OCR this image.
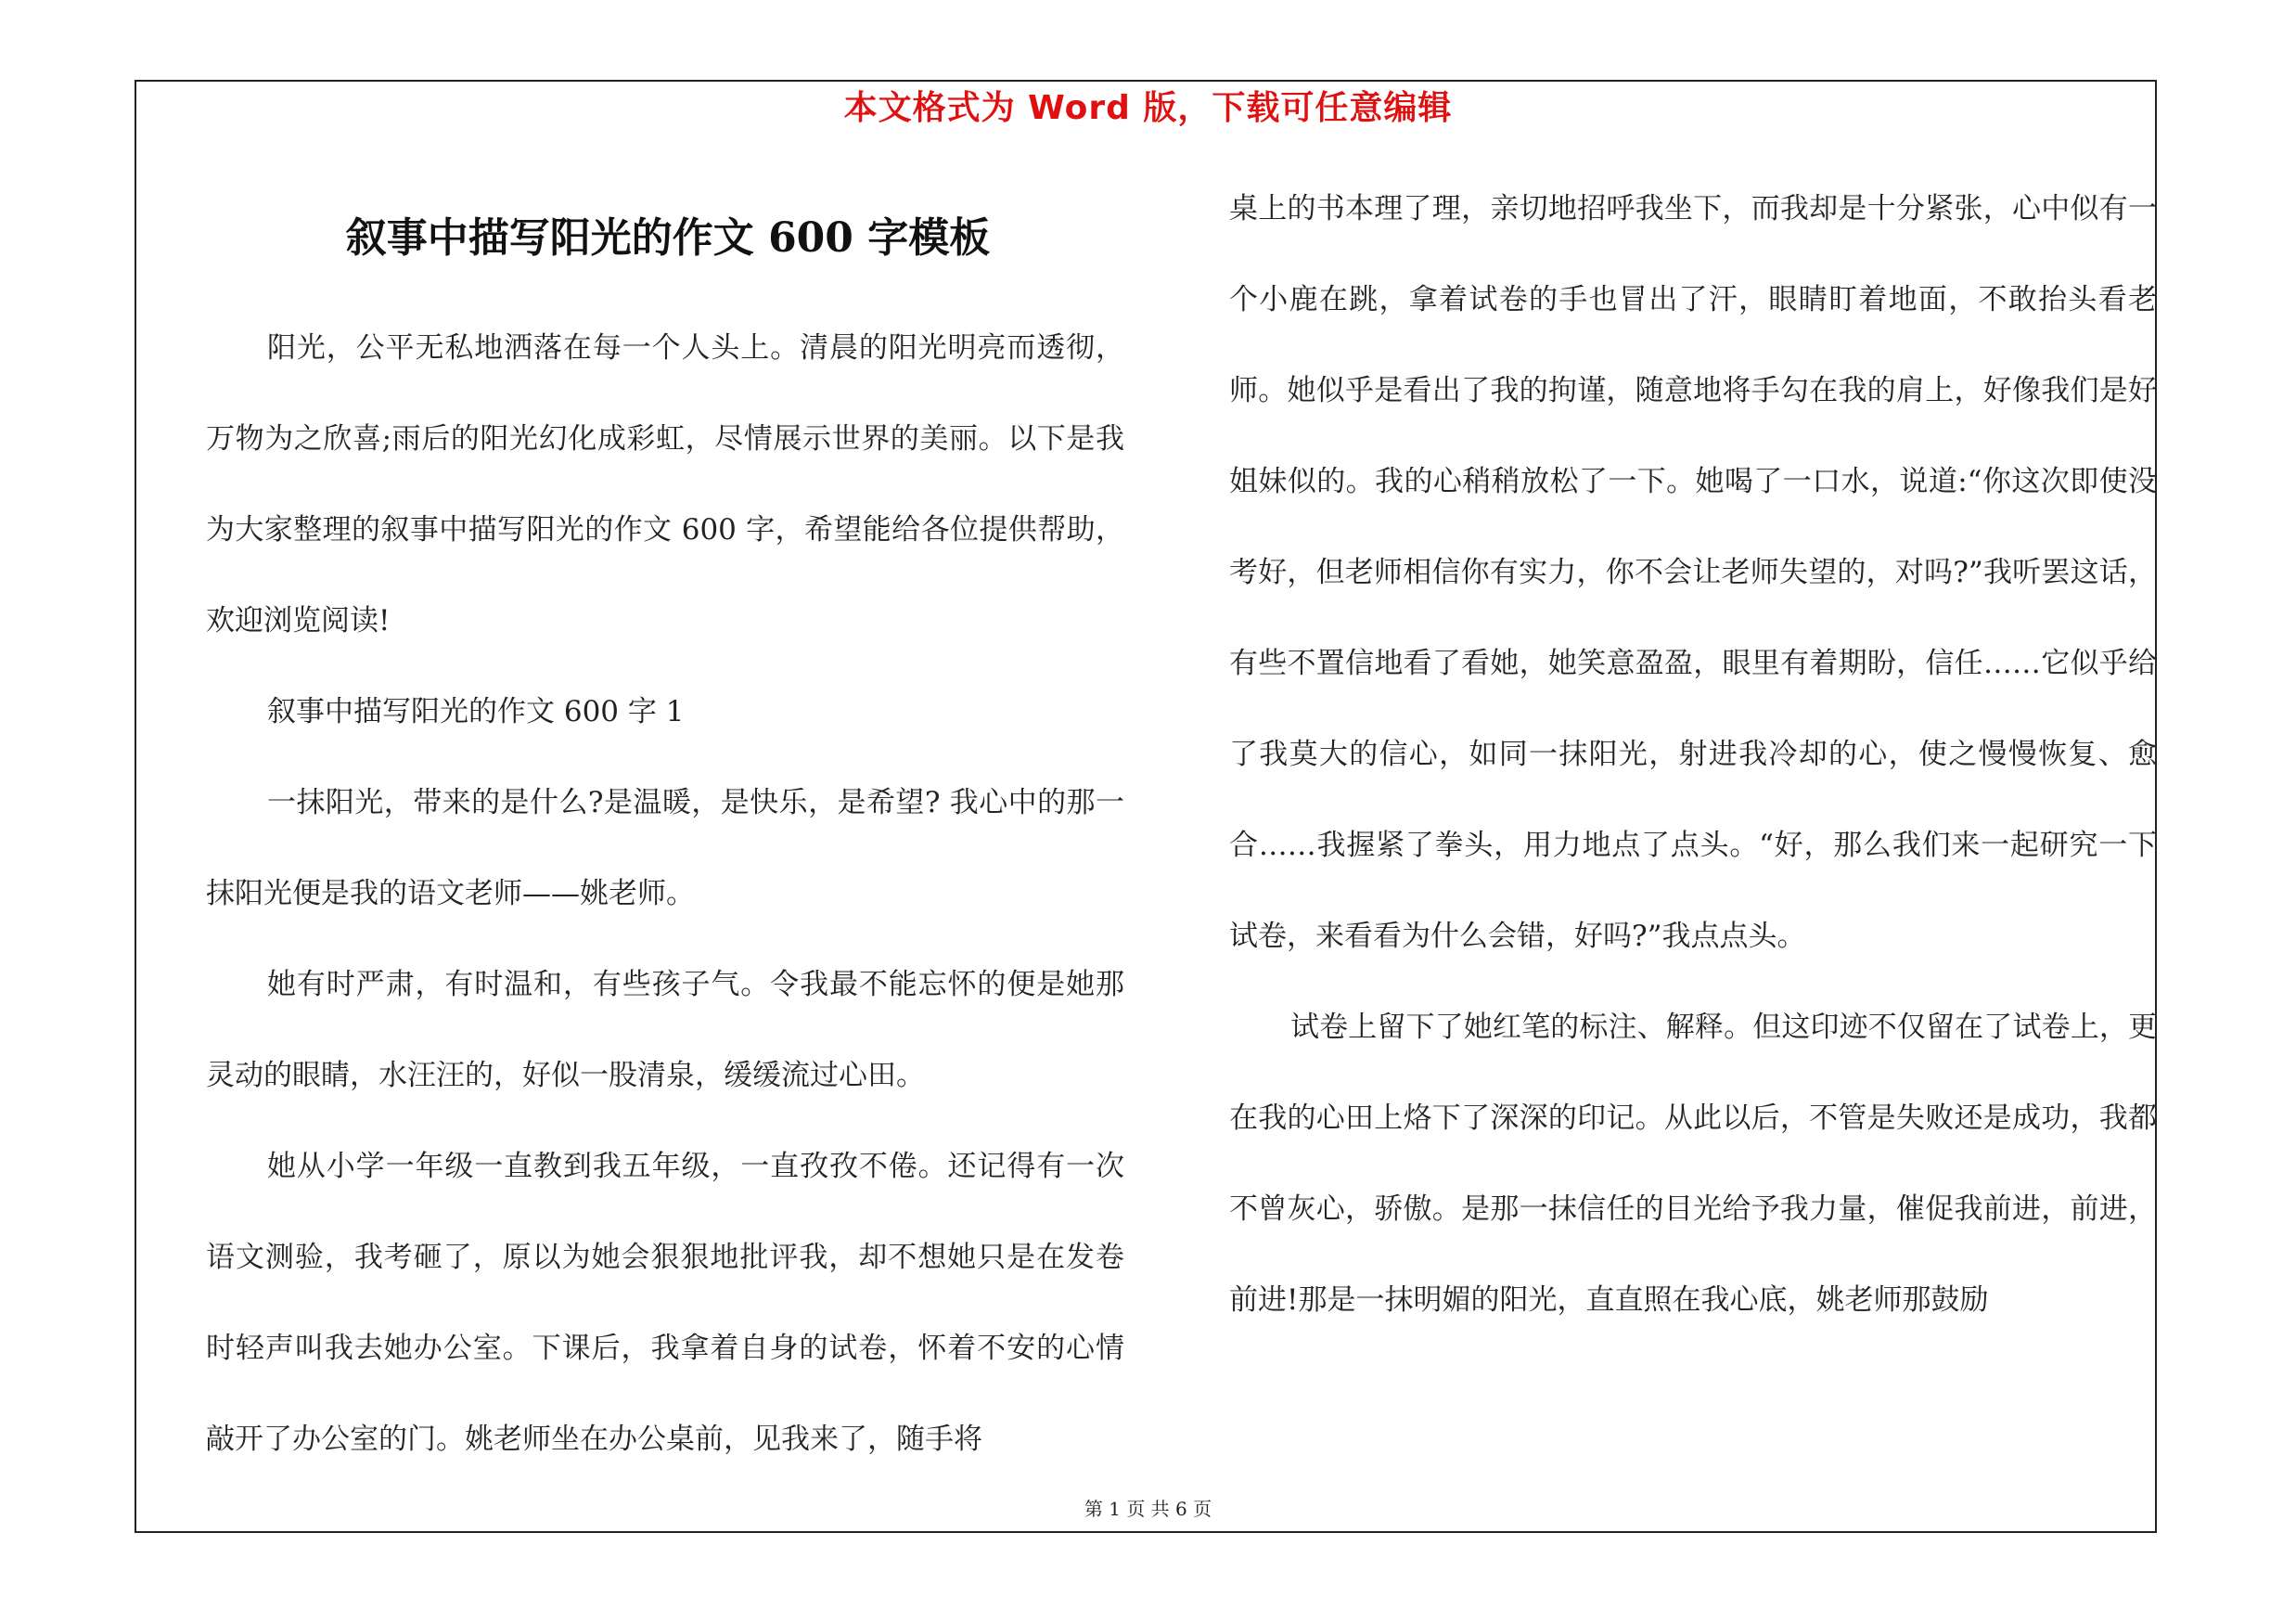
本文格式为 Word 版，下载可任意编辑
叙事中描写阳光的作文 600 字模板

阳光，公平无私地洒落在每一个人头上。清晨的阳光明亮而透彻，万物为之欣喜;雨后的阳光幻化成彩虹，尽情展示世界的美丽。以下是我为大家整理的叙事中描写阳光的作文 600 字，希望能给各位提供帮助，欢迎浏览阅读!

叙事中描写阳光的作文 600 字 1

一抹阳光，带来的是什么?是温暖，是快乐，是希望? 我心中的那一抹阳光便是我的语文老师——姚老师。

她有时严肃，有时温和，有些孩子气。令我最不能忘怀的便是她那灵动的眼睛，水汪汪的，好似一股清泉，缓缓流过心田。

她从小学一年级一直教到我五年级，一直孜孜不倦。还记得有一次语文测验，我考砸了，原以为她会狠狠地批评我，却不想她只是在发卷时轻声叫我去她办公室。下课后，我拿着自身的试卷，怀着不安的心情敲开了办公室的门。姚老师坐在办公桌前，见我来了，随手将

桌上的书本理了理，亲切地招呼我坐下，而我却是十分紧张，心中似有一个小鹿在跳，拿着试卷的手也冒出了汗，眼睛盯着地面，不敢抬头看老师。她似乎是看出了我的拘谨，随意地将手勾在我的肩上，好像我们是好姐妹似的。我的心稍稍放松了一下。她喝了一口水，说道:“你这次即使没考好，但老师相信你有实力，你不会让老师失望的，对吗?”我听罢这话，有些不置信地看了看她，她笑意盈盈，眼里有着期盼，信任……它似乎给了我莫大的信心，如同一抹阳光，射进我冷却的心，使之慢慢恢复、愈合……我握紧了拳头，用力地点了点头。“好，那么我们来一起研究一下试卷，来看看为什么会错，好吗?”我点点头。

试卷上留下了她红笔的标注、解释。但这印迹不仅留在了试卷上，更在我的心田上烙下了深深的印记。从此以后，不管是失败还是成功，我都不曾灰心，骄傲。是那一抹信任的目光给予我力量，催促我前进，前进，前进!那是一抹明媚的阳光，直直照在我心底，姚老师那鼓励

第 1 页 共 6 页
